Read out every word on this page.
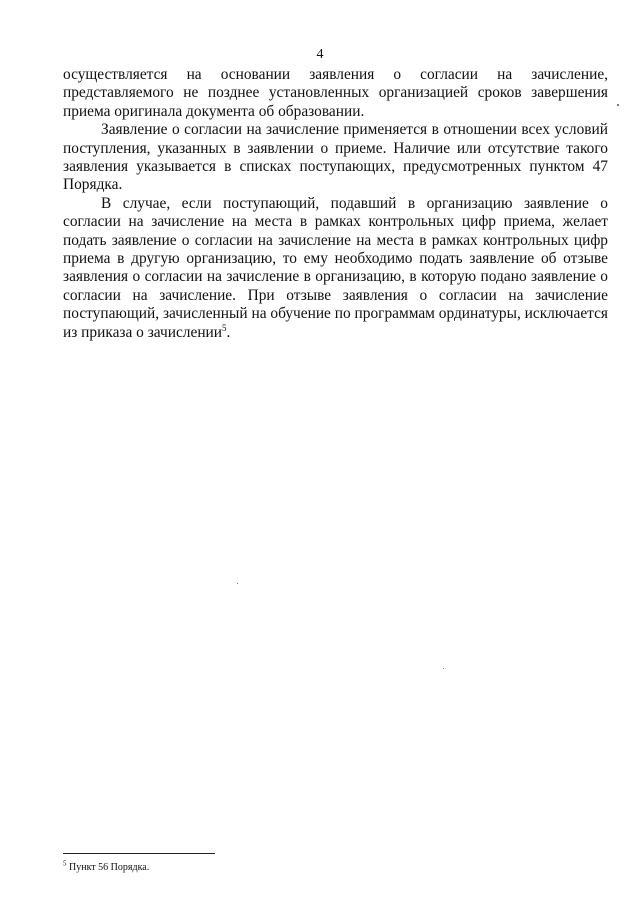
4

осуществляется на основании заявления о согласии на зачисление, представляемого не позднее установленных организацией сроков завершения приема оригинала документа об образовании.

Заявление о согласии на зачисление применяется в отношении всех условий поступления, указанных в заявлении о приеме. Наличие или отсутствие такого заявления указывается в списках поступающих, предусмотренных пунктом 47 Порядка.

В случае, если поступающий, подавший в организацию заявление о согласии на зачисление на места в рамках контрольных цифр приема, желает подать заявление о согласии на зачисление на места в рамках контрольных цифр приема в другую организацию, то ему необходимо подать заявление об отзыве заявления о согласии на зачисление в организацию, в которую подано заявление о согласии на зачисление. При отзыве заявления о согласии на зачисление поступающий, зачисленный на обучение по программам ординатуры, исключается из приказа о зачислении$^5$.

$^5$ Пункт 56 Порядка.
